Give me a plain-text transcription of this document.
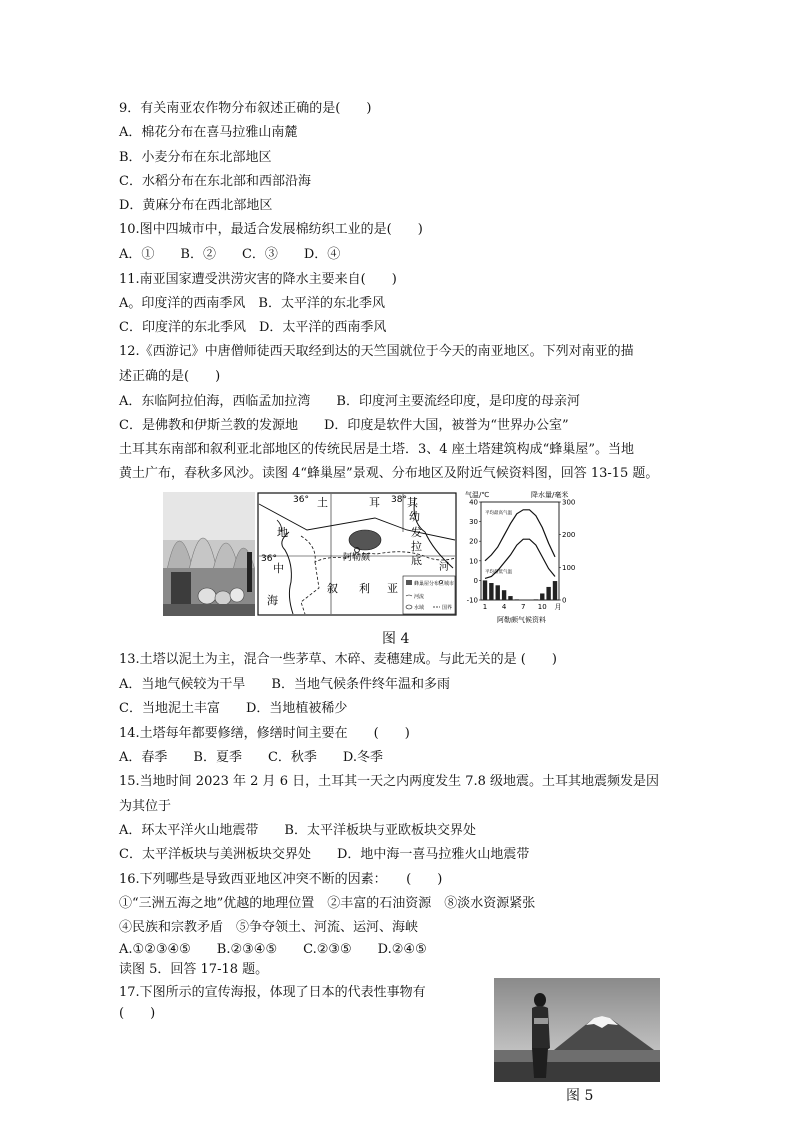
9．有关南亚农作物分布叙述正确的是(　　)
A．棉花分布在喜马拉雅山南麓
B．小麦分布在东北部地区
C．水稻分布在东北部和西部沿海
D．黄麻分布在西北部地区
10.图中四城市中，最适合发展棉纺织工业的是(　　)
A．①　　B．②　　C．③　　D．④
11.南亚国家遭受洪涝灾害的降水主要来自(　　)
A。印度洋的西南季风　B．太平洋的东北季风
C．印度洋的东北季风　D．太平洋的西南季风
12.《西游记》中唐僧师徒西天取经到达的天竺国就位于今天的南亚地区。下列对南亚的描
述正确的是(　　)
A．东临阿拉伯海，西临孟加拉湾　　B．印度河主要流经印度，是印度的母亲河
C．是佛教和伊斯兰教的发源地　　D．印度是软件大国，被誉为“世界办公室”
土耳其东南部和叙利亚北部地区的传统民居是土塔．3、4 座土塔建筑构成“蜂巢屋”。当地
黄土广布，春秋多风沙。读图 4“蜂巢屋”景观、分布地区及附近气候资料图，回答 13-15 题。
36°	38°
36°
土	耳 其
幼
发
拉
底
河
地
中
海
叙 利 亚
阿勒颇
蜂巢屋分布区 城市
河流
水域	国界
40
30
20
10
0
-10
300
200
100
0
1 4 7 10 月
气温/℃	降水量/毫米
平均最高气温
平均最低气温
阿勒颇气候资料
图 4
13.土塔以泥土为主，混合一些茅草、木碎、麦穗建成。与此无关的是 (　　)
A．当地气候较为干旱　　B．当地气候条件终年温和多雨
C．当地泥土丰富　　D．当地植被稀少
14.土塔每年都要修缮，修缮时间主要在　　(　　)
A．春季　　B．夏季　　C．秋季　　D.冬季
15.当地时间 2023 年 2 月 6 日，土耳其一天之内两度发生 7.8 级地震。土耳其地震频发是因
为其位于
A．环太平洋火山地震带　　B．太平洋板块与亚欧板块交界处
C．太平洋板块与美洲板块交界处　　D．地中海一喜马拉雅火山地震带
16.下列哪些是导致西亚地区冲突不断的因素：　　(　　)
①“三洲五海之地”优越的地理位置　②丰富的石油资源　⑧淡水资源紧张
④民族和宗教矛盾　⑤争夺领土、河流、运河、海峡
A.①②③④⑤　　B.②③④⑤　　C.②③⑤　　D.②④⑤
读图 5．回答 17-18 题。
17.下图所示的宣传海报，体现了日本的代表性事物有
(　　)
图 5
